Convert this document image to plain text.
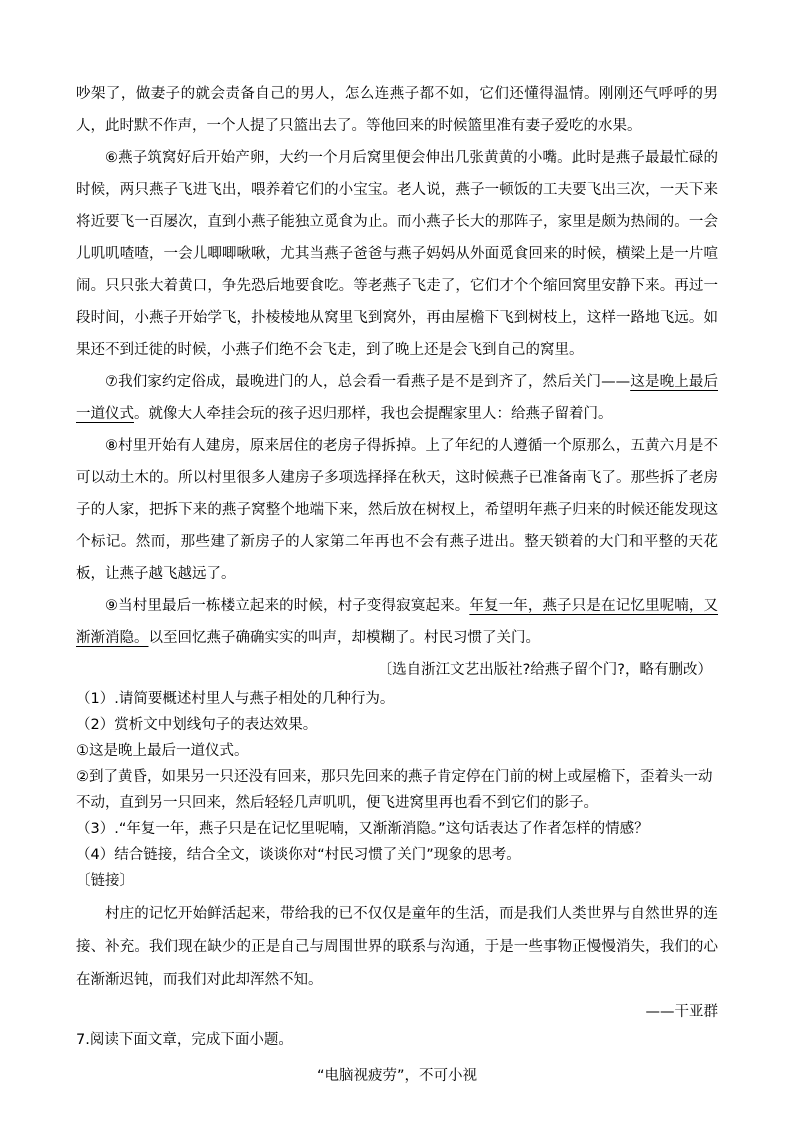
吵架了，做妻子的就会责备自己的男人，怎么连燕子都不如，它们还懂得温情。刚刚还气呼呼的男人，此时默不作声，一个人提了只篮出去了。等他回来的时候篮里准有妻子爱吃的水果。

⑥燕子筑窝好后开始产卵，大约一个月后窝里便会伸出几张黄黄的小嘴。此时是燕子最最忙碌的时候，两只燕子飞进飞出，喂养着它们的小宝宝。老人说，燕子一顿饭的工夫要飞出三次，一天下来将近要飞一百屡次，直到小燕子能独立觅食为止。而小燕子长大的那阵子，家里是颇为热闹的。一会儿叽叽喳喳，一会儿唧唧啾啾，尤其当燕子爸爸与燕子妈妈从外面觅食回来的时候，横梁上是一片喧闹。只只张大着黄口，争先恐后地要食吃。等老燕子飞走了，它们才个个缩回窝里安静下来。再过一段时间，小燕子开始学飞，扑棱棱地从窝里飞到窝外，再由屋檐下飞到树枝上，这样一路地飞远。如果还不到迁徙的时候，小燕子们绝不会飞走，到了晚上还是会飞到自己的窝里。

⑦我们家约定俗成，最晚进门的人，总会看一看燕子是不是到齐了，然后关门——这是晚上最后一道仪式。就像大人牵挂会玩的孩子迟归那样，我也会提醒家里人：给燕子留着门。

⑧村里开始有人建房，原来居住的老房子得拆掉。上了年纪的人遵循一个原那么，五黄六月是不可以动土木的。所以村里很多人建房子多项选择择在秋天，这时候燕子已准备南飞了。那些拆了老房子的人家，把拆下来的燕子窝整个地端下来，然后放在树杈上，希望明年燕子归来的时候还能发现这个标记。然而，那些建了新房子的人家第二年再也不会有燕子进出。整天锁着的大门和平整的天花板，让燕子越飞越远了。

⑨当村里最后一栋楼立起来的时候，村子变得寂寞起来。年复一年，燕子只是在记忆里呢喃，又渐渐消隐。以至回忆燕子确确实实的叫声，却模糊了。村民习惯了关门。

〔选自浙江文艺出版社?给燕子留个门?，略有删改）

（1）.请简要概述村里人与燕子相处的几种行为。

（2）赏析文中划线句子的表达效果。

①这是晚上最后一道仪式。

②到了黄昏，如果另一只还没有回来，那只先回来的燕子肯定停在门前的树上或屋檐下，歪着头一动不动，直到另一只回来，然后轻轻几声叽叽，便飞进窝里再也看不到它们的影子。

（3）.“年复一年，燕子只是在记忆里呢喃，又渐渐消隐。”这句话表达了作者怎样的情感？

（4）结合链接，结合全文，谈谈你对“村民习惯了关门”现象的思考。

〔链接〕

村庄的记忆开始鲜活起来，带给我的已不仅仅是童年的生活，而是我们人类世界与自然世界的连接、补充。我们现在缺少的正是自己与周围世界的联系与沟通，于是一些事物正慢慢消失，我们的心在渐渐迟钝，而我们对此却浑然不知。

——干亚群

7.阅读下面文章，完成下面小题。

“电脑视疲劳”，不可小视
